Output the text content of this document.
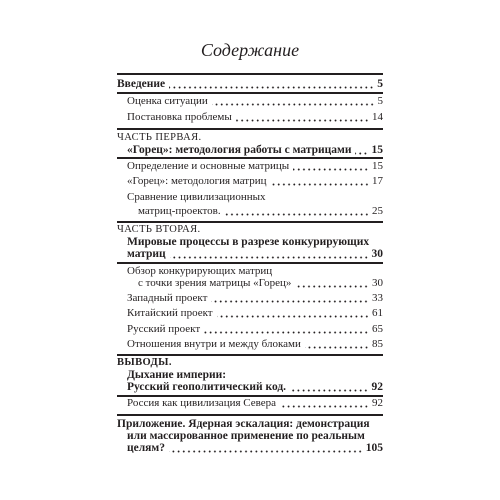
Содержание
Введение	5
Оценка ситуации	5
Постановка проблемы	14
ЧАСТЬ ПЕРВАЯ.
«Горец»: методология работы с матрицами 15
Определение и основные матрицы	15
«Горец»: методология матриц	17
Сравнение цивилизационных
матриц-проектов.	25
ЧАСТЬ ВТОРАЯ.
Мировые процессы в разрезе конкурирующих
матриц	30
Обзор конкурирующих матриц
с точки зрения матрицы «Горец»	30
Западный проект	33
Китайский проект	61
Русский проект	65
Отношения внутри и между блоками	85
ВЫВОДЫ.
Дыхание империи:
Русский геополитический код.	92
Россия как цивилизация Севера	92
Приложение. Ядерная эскалация: демонстрация
или массированное применение по реальным
целям?	105
